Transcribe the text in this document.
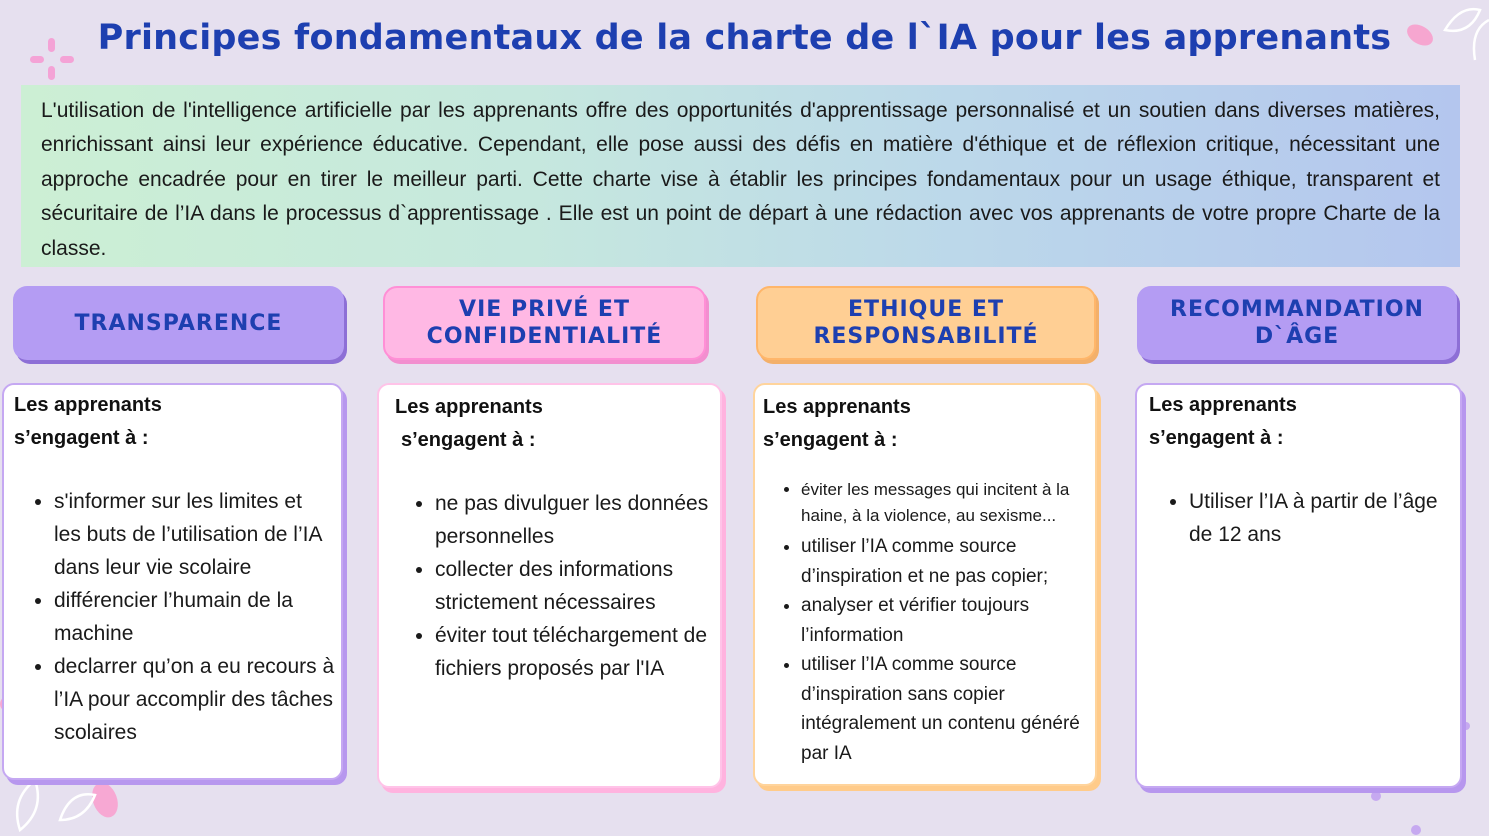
Principes fondamentaux de la charte de l`IA pour les apprenants

L'utilisation de l'intelligence artificielle par les apprenants offre des opportunités d'apprentissage personnalisé et un soutien dans diverses matières, enrichissant ainsi leur expérience éducative. Cependant, elle pose aussi des défis en matière d'éthique et de réflexion critique, nécessitant une approche encadrée pour en tirer le meilleur parti. Cette charte vise à établir les principes fondamentaux pour un usage éthique, transparent et sécuritaire de l’IA dans le processus d`apprentissage . Elle est un point de départ à une rédaction avec vos apprenants de votre propre Charte de la classe.

TRANSPARENCE
VIE PRIVÉ ET CONFIDENTIALITÉ
ETHIQUE ET RESPONSABILITÉ
RECOMMANDATION D`ÂGE

Les apprenants

s’engagent à :

• s'informer sur les limites et les buts de l’utilisation de l’IA dans leur vie scolaire
• différencier l’humain de la machine
• declarrer qu’on a eu recours à l’IA pour accomplir des tâches scolaires

Les apprenants

s’engagent à :

• ne pas divulguer les données personnelles
• collecter des informations strictement nécessaires
• éviter tout téléchargement de fichiers proposés par l'IA

Les apprenants

s’engagent à :

• éviter les messages qui incitent à la haine, à la violence, au sexisme...
• utiliser l’IA comme source d’inspiration et ne pas copier;
• analyser et vérifier toujours l’information
• utiliser l’IA comme source d’inspiration sans copier intégralement un contenu généré par IA

Les apprenants

s’engagent à :

• Utiliser l’IA à partir de l’âge de 12 ans
